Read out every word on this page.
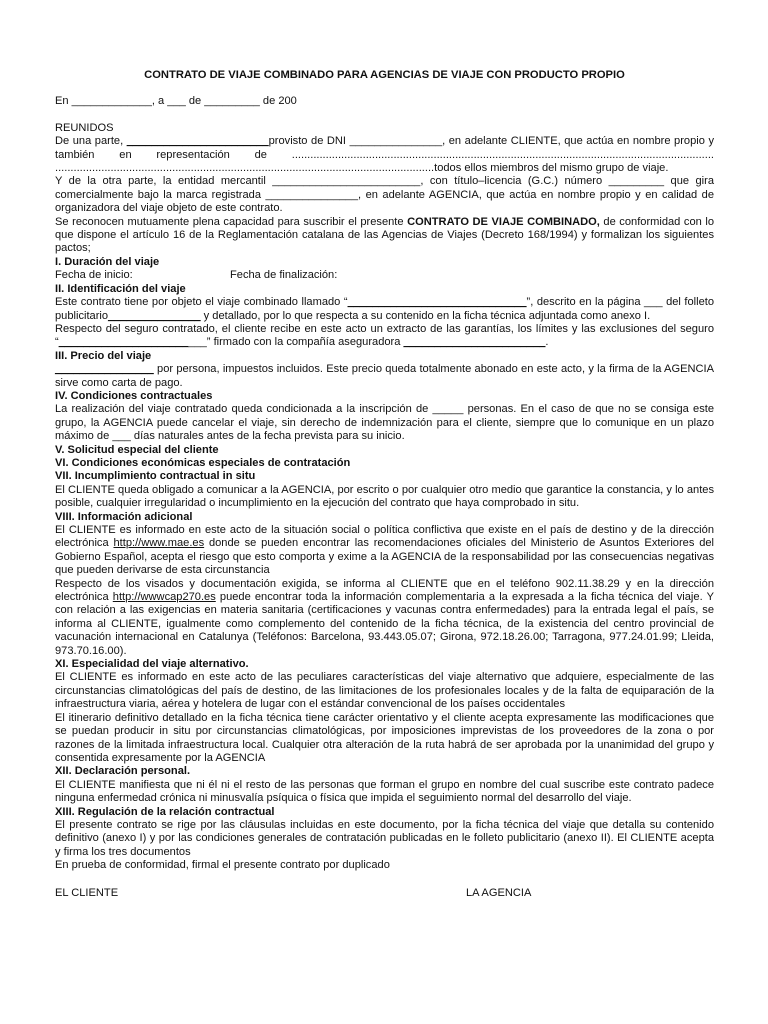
CONTRATO DE VIAJE COMBINADO PARA AGENCIAS DE VIAJE CON PRODUCTO PROPIO

En _____________, a ___ de _________ de 200

REUNIDOS

De una parte, _______________________provisto de DNI _______________, en adelante CLIENTE, que actúa en nombre propio y también en representación de ......................................................................................................................................... ...........................................................................................................................todos ellos miembros del mismo grupo de viaje.

Y de la otra parte, la entidad mercantil ________________________, con título–licencia (G.C.) número _________ que gira comercialmente bajo la marca registrada _______________, en adelante AGENCIA, que actúa en nombre propio y en calidad de organizadora del viaje objeto de este contrato.

Se reconocen mutuamente plena capacidad para suscribir el presente CONTRATO DE VIAJE COMBINADO, de conformidad con lo que dispone el artículo 16 de la Reglamentación catalana de las Agencias de Viajes (Decreto 168/1994) y formalizan los siguientes pactos;

I. Duración del viaje

Fecha de inicio:	Fecha de finalización:

II. Identificación del viaje

Este contrato tiene por objeto el viaje combinado llamado “_____________________________”, descrito en la página ___ del folleto publicitario_______________ y detallado, por lo que respecta a su contenido en la ficha técnica adjuntada como anexo I.

Respecto del seguro contratado, el cliente recibe en este acto un extracto de las garantías, los límites y las exclusiones del seguro “________________________” firmado con la compañía aseguradora _______________________.

III. Precio del viaje

________________ por persona, impuestos incluidos. Este precio queda totalmente abonado en este acto, y la firma de la AGENCIA sirve como carta de pago.

IV. Condiciones contractuales

La realización del viaje contratado queda condicionada a la inscripción de _____ personas. En el caso de que no se consiga este grupo, la AGENCIA puede cancelar el viaje, sin derecho de indemnización para el cliente, siempre que lo comunique en un plazo máximo de ___ días naturales antes de la fecha prevista para su inicio.

V. Solicitud especial del cliente

VI. Condiciones económicas especiales de contratación

VII. Incumplimiento contractual in situ

El CLIENTE queda obligado a comunicar a la AGENCIA, por escrito o por cualquier otro medio que garantice la constancia, y lo antes posible, cualquier irregularidad o incumplimiento en la ejecución del contrato que haya comprobado in situ.

VIII. Información adicional

El CLIENTE es informado en este acto de la situación social o política conflictiva que existe en el país de destino y de la dirección electrónica http://www.mae.es donde se pueden encontrar las recomendaciones oficiales del Ministerio de Asuntos Exteriores del Gobierno Español, acepta el riesgo que esto comporta y exime a la AGENCIA de la responsabilidad por las consecuencias negativas que pueden derivarse de esta circunstancia

Respecto de los visados y documentación exigida, se informa al CLIENTE que en el teléfono 902.11.38.29 y en la dirección electrónica http://wwwcap270.es puede encontrar toda la información complementaria a la expresada a la ficha técnica del viaje. Y con relación a las exigencias en materia sanitaria (certificaciones y vacunas contra enfermedades) para la entrada legal el país, se informa al CLIENTE, igualmente como complemento del contenido de la ficha técnica, de la existencia del centro provincial de vacunación internacional en Catalunya (Teléfonos: Barcelona, 93.443.05.07; Girona, 972.18.26.00; Tarragona, 977.24.01.99; Lleida, 973.70.16.00).

XI. Especialidad del viaje alternativo.

El CLIENTE es informado en este acto de las peculiares características del viaje alternativo que adquiere, especialmente de las circunstancias climatológicas del país de destino, de las limitaciones de los profesionales locales y de la falta de equiparación de la infraestructura viaria, aérea y hotelera de lugar con el estándar convencional de los países occidentales

El itinerario definitivo detallado en la ficha técnica tiene carácter orientativo y el cliente acepta expresamente las modificaciones que se puedan producir in situ por circunstancias climatológicas, por imposiciones imprevistas de los proveedores de la zona o por razones de la limitada infraestructura local. Cualquier otra alteración de la ruta habrá de ser aprobada por la unanimidad del grupo y consentida expresamente por la AGENCIA

XII. Declaración personal.

El CLIENTE manifiesta que ni él ni el resto de las personas que forman el grupo en nombre del cual suscribe este contrato padece ninguna enfermedad crónica ni minusvalía psíquica o física que impida el seguimiento normal del desarrollo del viaje.

XIII. Regulación de la relación contractual

El presente contrato se rige por las cláusulas incluidas en este documento, por la ficha técnica del viaje que detalla su contenido definitivo (anexo I) y por las condiciones generales de contratación publicadas en le folleto publicitario (anexo II). El CLIENTE acepta y firma los tres documentos

En prueba de conformidad, firmal el presente contrato por duplicado

EL CLIENTE	LA AGENCIA
